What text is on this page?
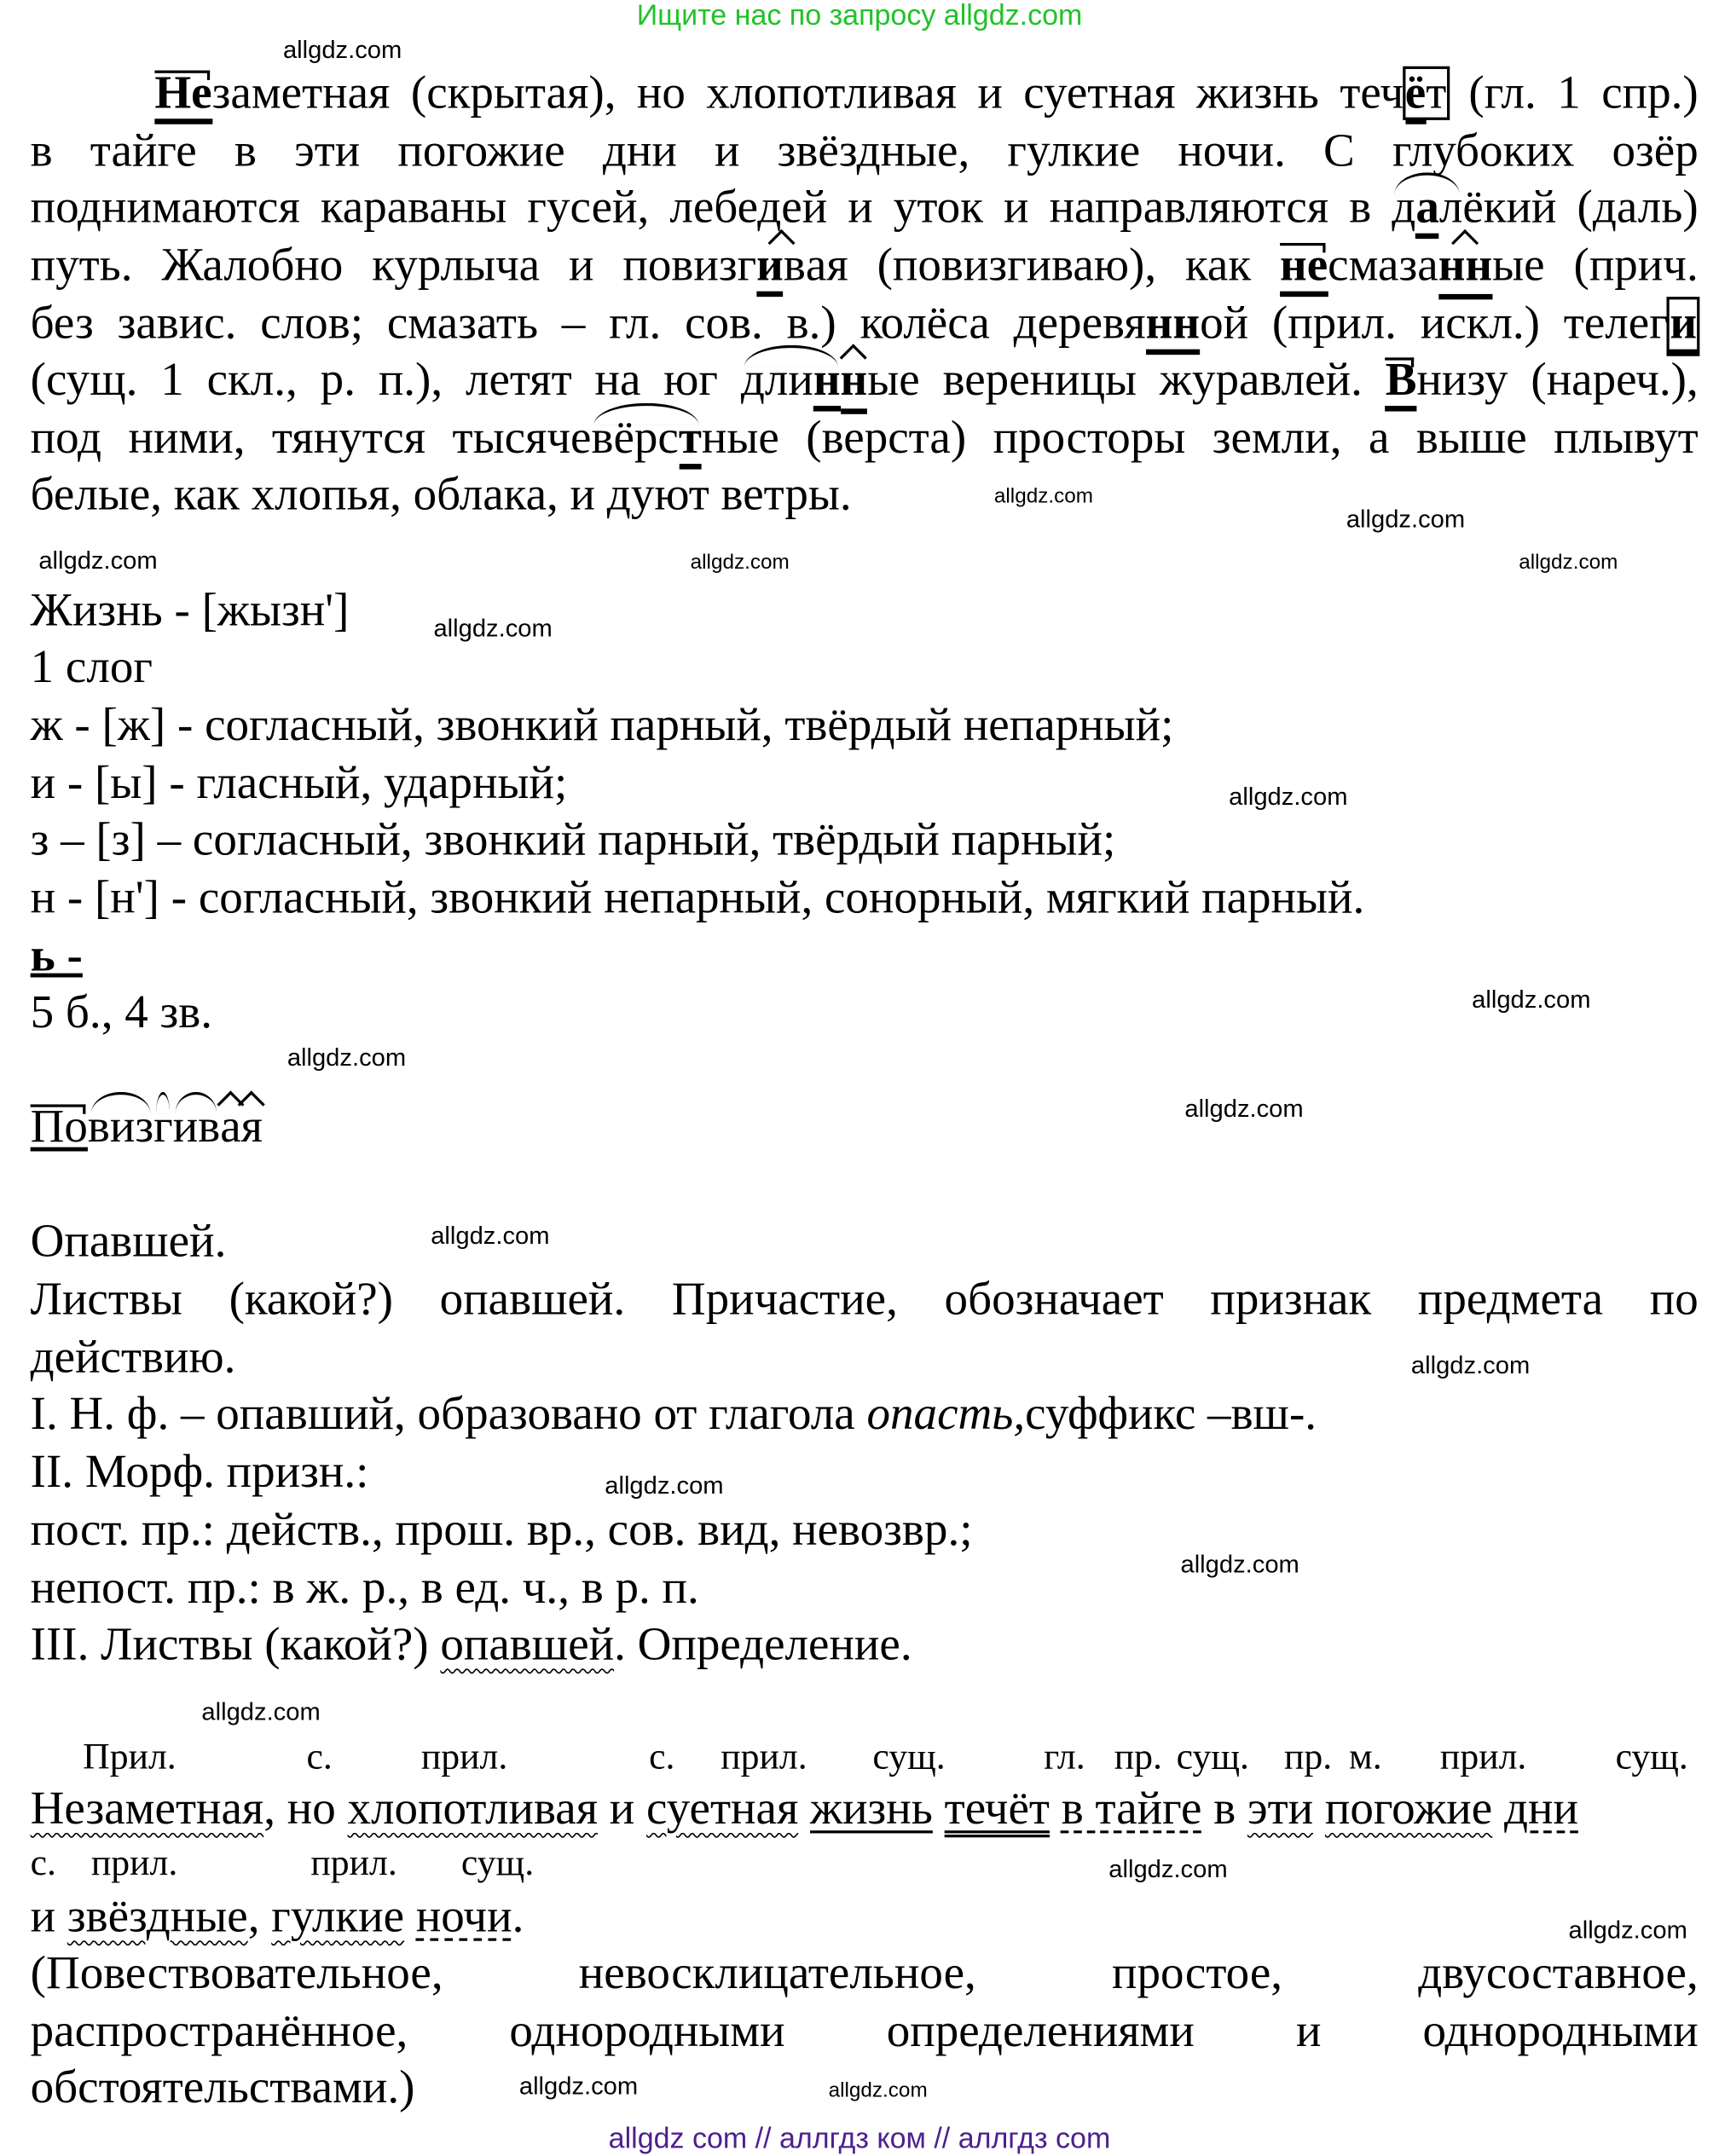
Ищите нас по запросу allgdz.com
Незаметная (скрытая), но хлопотливая и суетная жизнь течёт (гл. 1 спр.)
в тайге в эти погожие дни и звёздные, гулкие ночи. С глубоких озёр
поднимаются караваны гусей, лебедей и уток и направляются в далёкий (даль)
путь. Жалобно курлыча и повизгивая (повизгиваю), как несмазанные (прич.
без завис. слов; смазать – гл. сов. в.) колёса деревянной (прил. искл.) телеги
(сущ. 1 скл., р. п.), летят на юг длинные вереницы журавлей. Внизу (нареч.),
под ними, тянутся тысячевёрстные (верста) просторы земли, а выше плывут
белые, как хлопья, облака, и дуют ветры.
Жизнь - [жызн']
1 слог
ж - [ж] - согласный, звонкий парный, твёрдый непарный;
и - [ы] - гласный, ударный;
з – [з] – согласный, звонкий парный, твёрдый парный;
н - [н'] - согласный, звонкий непарный, сонорный, мягкий парный.
ь -
5 б., 4 зв.
Повизгивая
Опавшей.
Листвы (какой?) опавшей. Причастие, обозначает признак предмета по
действию.
I. Н. ф. – опавший, образовано от глагола опасть,суффикс –вш-.
II. Морф. призн.:
пост. пр.: действ., прош. вр., сов. вид, невозвр.;
непост. пр.: в ж. р., в ед. ч., в р. п.
III. Листвы (какой?) опавшей. Определение.
Прил.	с.	прил.	с. прил.	сущ.	гл. пр. сущ. пр. м.	прил.	сущ.
Незаметная, но хлопотливая и суетная жизнь течёт в тайге в эти погожие дни
с. прил.	прил.	сущ.
и звёздные, гулкие ночи.
(Повествовательное, невосклицательное, простое, двусоставное,
распространённое, однородными определениями и однородными
обстоятельствами.)
allgdz.com
allgdz.com
allgdz.com
allgdz.com
allgdz.com
allgdz.com
allgdz.com
allgdz.com
allgdz.com
allgdz.com
allgdz.com
allgdz.com
allgdz.com
allgdz.com
allgdz.com
allgdz.com
allgdz.com
allgdz.com
allgdz.com
allgdz.com
allgdz com // аллгдз ком // аллгдз com
